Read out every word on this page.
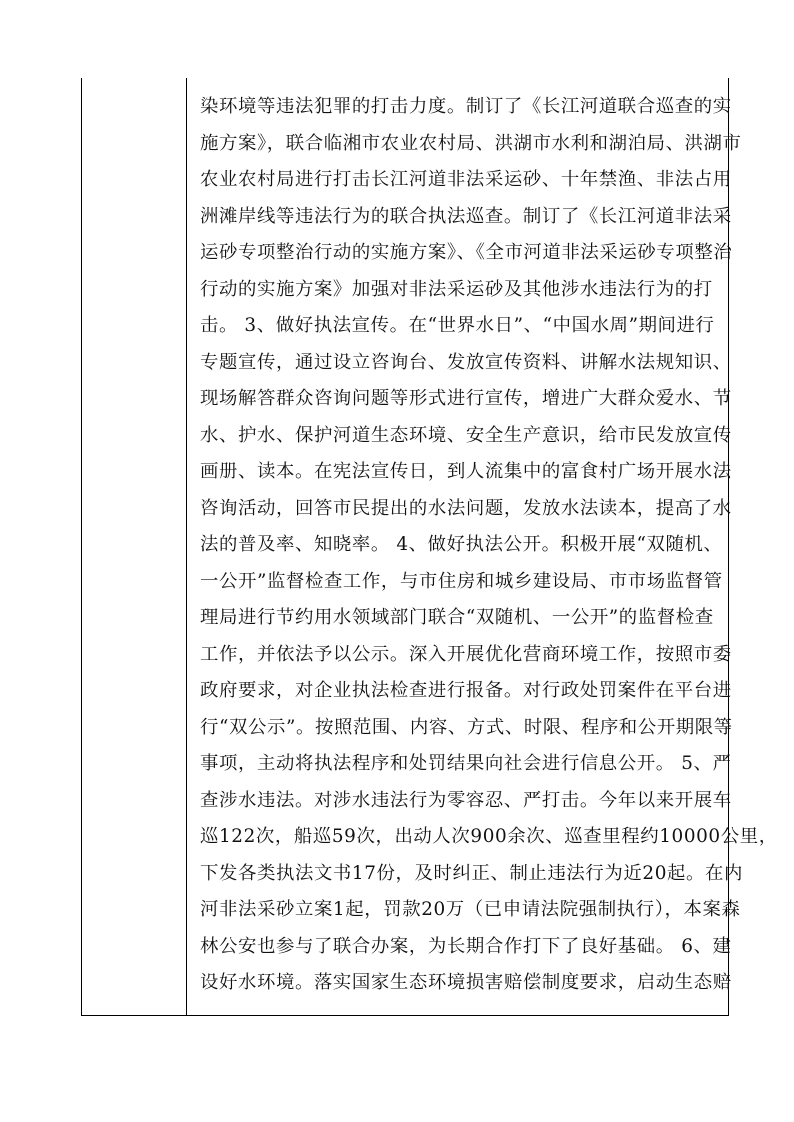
染环境等违法犯罪的打击力度。制订了《长江河道联合巡查的实
施方案》，联合临湘市农业农村局、洪湖市水利和湖泊局、洪湖市
农业农村局进行打击长江河道非法采运砂、十年禁渔、非法占用
洲滩岸线等违法行为的联合执法巡查。制订了《长江河道非法采
运砂专项整治行动的实施方案》、《全市河道非法采运砂专项整治
行动的实施方案》加强对非法采运砂及其他涉水违法行为的打
击。 3、做好执法宣传。在“世界水日”、“中国水周”期间进行
专题宣传，通过设立咨询台、发放宣传资料、讲解水法规知识、
现场解答群众咨询问题等形式进行宣传，增进广大群众爱水、节
水、护水、保护河道生态环境、安全生产意识，给市民发放宣传
画册、读本。在宪法宣传日，到人流集中的富食村广场开展水法
咨询活动，回答市民提出的水法问题，发放水法读本，提高了水
法的普及率、知晓率。 4、做好执法公开。积极开展“双随机、
一公开”监督检查工作，与市住房和城乡建设局、市市场监督管
理局进行节约用水领域部门联合“双随机、一公开”的监督检查
工作，并依法予以公示。深入开展优化营商环境工作，按照市委
政府要求，对企业执法检查进行报备。对行政处罚案件在平台进
行“双公示”。按照范围、内容、方式、时限、程序和公开期限等
事项，主动将执法程序和处罚结果向社会进行信息公开。 5、严
查涉水违法。对涉水违法行为零容忍、严打击。今年以来开展车
巡122次，船巡59次，出动人次900余次、巡查里程约10000公里，
下发各类执法文书17份，及时纠正、制止违法行为近20起。在内
河非法采砂立案1起，罚款20万（已申请法院强制执行），本案森
林公安也参与了联合办案，为长期合作打下了良好基础。 6、建
设好水环境。落实国家生态环境损害赔偿制度要求，启动生态赔
